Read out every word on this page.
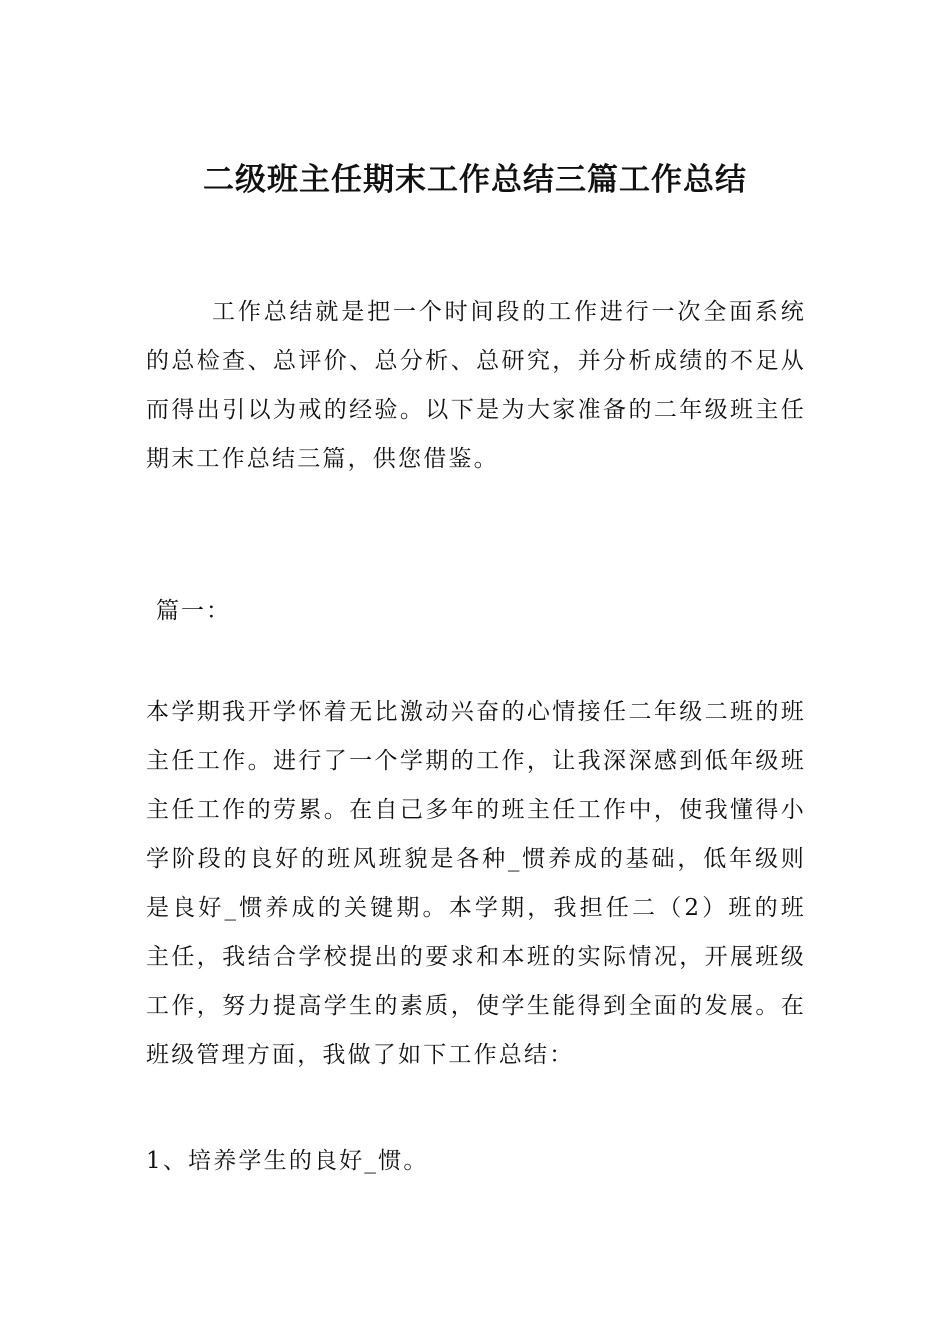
二级班主任期末工作总结三篇工作总结

工作总结就是把一个时间段的工作进行一次全面系统的总检查、总评价、总分析、总研究，并分析成绩的不足从而得出引以为戒的经验。以下是为大家准备的二年级班主任期末工作总结三篇，供您借鉴。

篇一：

本学期我开学怀着无比激动兴奋的心情接任二年级二班的班主任工作。进行了一个学期的工作，让我深深感到低年级班主任工作的劳累。在自己多年的班主任工作中，使我懂得小学阶段的良好的班风班貌是各种_惯养成的基础，低年级则是良好_惯养成的关键期。本学期，我担任二（2）班的班主任，我结合学校提出的要求和本班的实际情况，开展班级工作，努力提高学生的素质，使学生能得到全面的发展。在班级管理方面，我做了如下工作总结：

1、培养学生的良好_惯。
